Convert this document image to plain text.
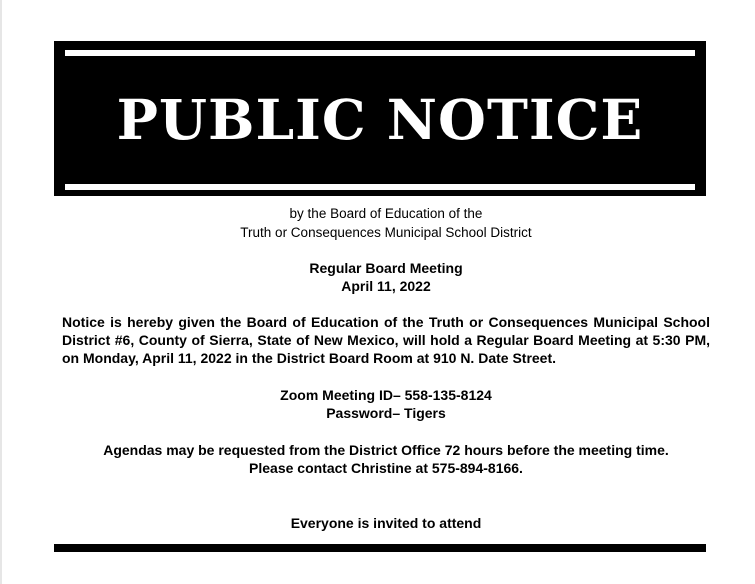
PUBLIC NOTICE
by the Board of Education of the
Truth or Consequences Municipal School District
Regular Board Meeting
April 11, 2022
Notice is hereby given the Board of Education of the Truth or Consequences Municipal School District #6, County of Sierra, State of New Mexico, will hold a Regular Board Meeting at 5:30 PM, on Monday, April 11, 2022 in the District Board Room at 910 N. Date Street.
Zoom Meeting ID– 558-135-8124
Password– Tigers
Agendas may be requested from the District Office 72 hours before the meeting time.
Please contact Christine at 575-894-8166.
Everyone is invited to attend
